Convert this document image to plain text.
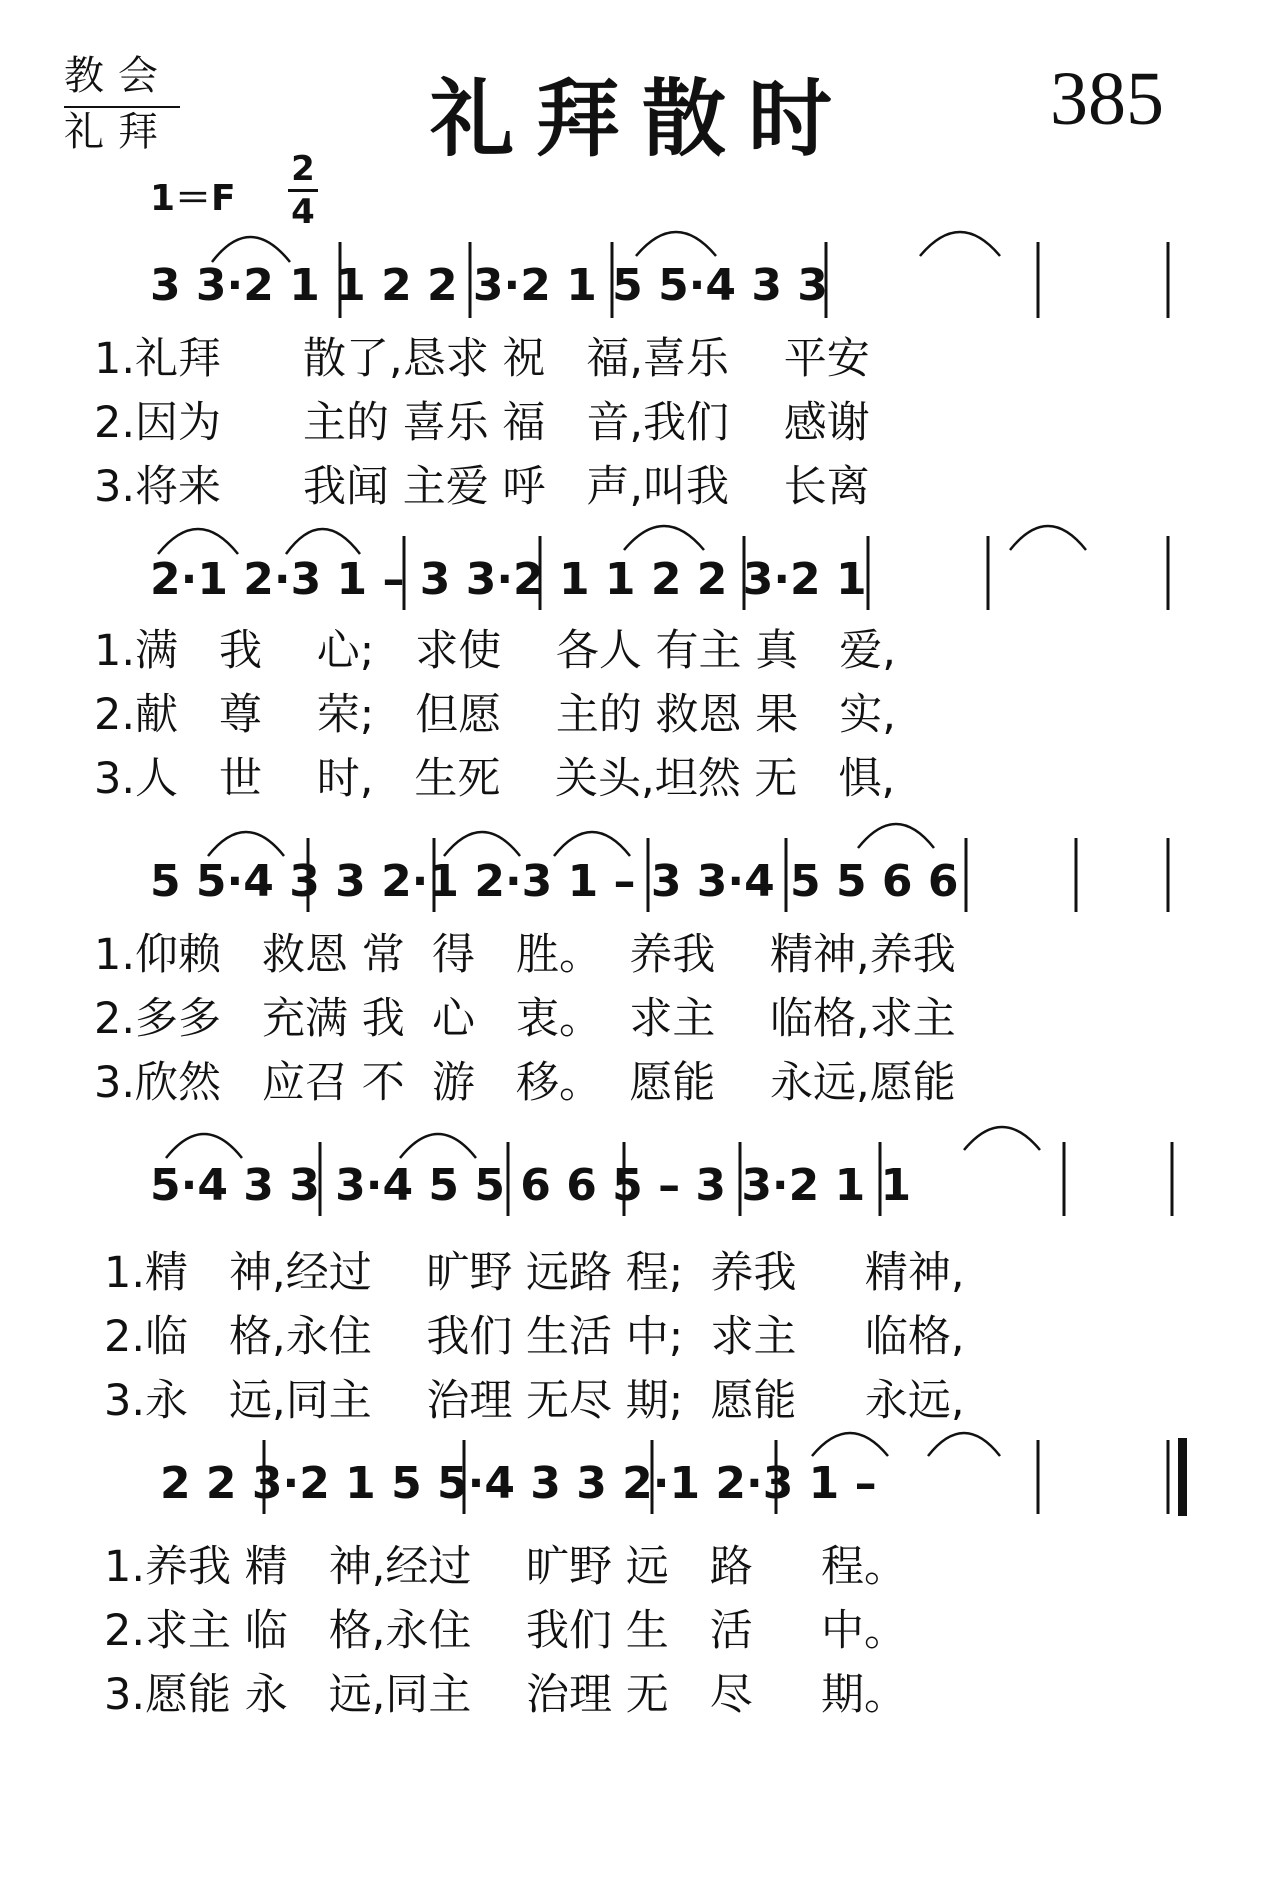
教会
礼拜	礼拜散时	385
1＝F
2
4
3 3·2 1 1 2 2 3·2 1 5 5·4 3 3
1.礼拜      散了,恳求 祝   福,喜乐    平安
2.因为      主的 喜乐 福   音,我们    感谢
3.将来      我闻 主爱 呼   声,叫我    长离
2·1 2·3 1 – 3 3·2 1 1 2 2 3·2 1
1.满   我    心;   求使    各人 有主 真   爱,
2.献   尊    荣;   但愿    主的 救恩 果   实,
3.人   世    时,   生死    关头,坦然 无   惧,
5 5·4 3 3 2·1 2·3 1 – 3 3·4 5 5 6 6
1.仰赖   救恩 常  得   胜。  养我    精神,养我
2.多多   充满 我  心   衷。  求主    临格,求主
3.欣然   应召 不  游   移。  愿能    永远,愿能
5·4 3 3 3·4 5 5 6 6 5 – 3 3·2 1 1
1.精   神,经过    旷野 远路 程;  养我     精神,
2.临   格,永住    我们 生活 中;  求主     临格,
3.永   远,同主    治理 无尽 期;  愿能     永远,
2 2 3·2 1 5 5·4 3 3 2·1 2·3 1 –
1.养我 精   神,经过    旷野 远   路     程。
2.求主 临   格,永住    我们 生   活     中。
3.愿能 永   远,同主    治理 无   尽     期。
